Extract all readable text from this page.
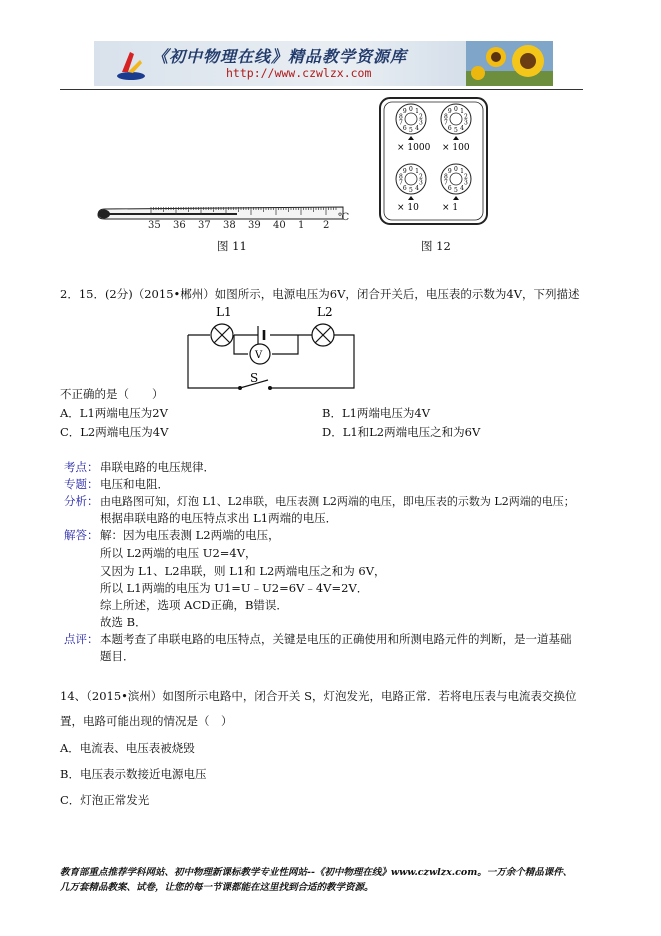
《初中物理在线》精品教学资源库
http://www.czwlzx.com
35 36 37 38 39 40 1 2
℃
图 11
0 1
2
3
4
5
6
7
8
9
× 1000
0 1
2
3
4
5
6
7
8
9
× 100
0 1
2
3
4
5
6
7
8
9
× 10
0 1
2
3
4
5
6
7
8
9
× 1
图 12
2．15．(2分)（2015•郴州）如图所示，电源电压为6V，闭合开关后，电压表的示数为4V，下列描述
L1	L2
V
S
不正确的是（　　）
A．L1两端电压为2V	B．L1两端电压为4V
C．L2两端电压为4V	D．L1和L2两端电压之和为6V
考点： 串联电路的电压规律．
专题： 电压和电阻．
分析： 由电路图可知，灯泡 L1、L2串联，电压表测 L2两端的电压，即电压表的示数为 L2两端的电压；
根据串联电路的电压特点求出 L1两端的电压．
解答： 解：因为电压表测 L2两端的电压，
所以 L2两端的电压 U2=4V，
又因为 L1、L2串联，则 L1和 L2两端电压之和为 6V，
所以 L1两端的电压为 U1=U﹣U2=6V﹣4V=2V．
综上所述，选项 ACD正确，B错误．
故选 B．
点评： 本题考查了串联电路的电压特点，关键是电压的正确使用和所测电路元件的判断，是一道基础
题目．
14、（2015•滨州）如图所示电路中，闭合开关 S，灯泡发光，电路正常．若将电压表与电流表交换位
置，电路可能出现的情况是（　）
A．电流表、电压表被烧毁
B．电压表示数接近电源电压
C．灯泡正常发光
教育部重点推荐学科网站、初中物理新课标教学专业性网站--《初中物理在线》www.czwlzx.com。一万余个精品课件、
几万套精品教案、试卷，让您的每一节课都能在这里找到合适的教学资源。
